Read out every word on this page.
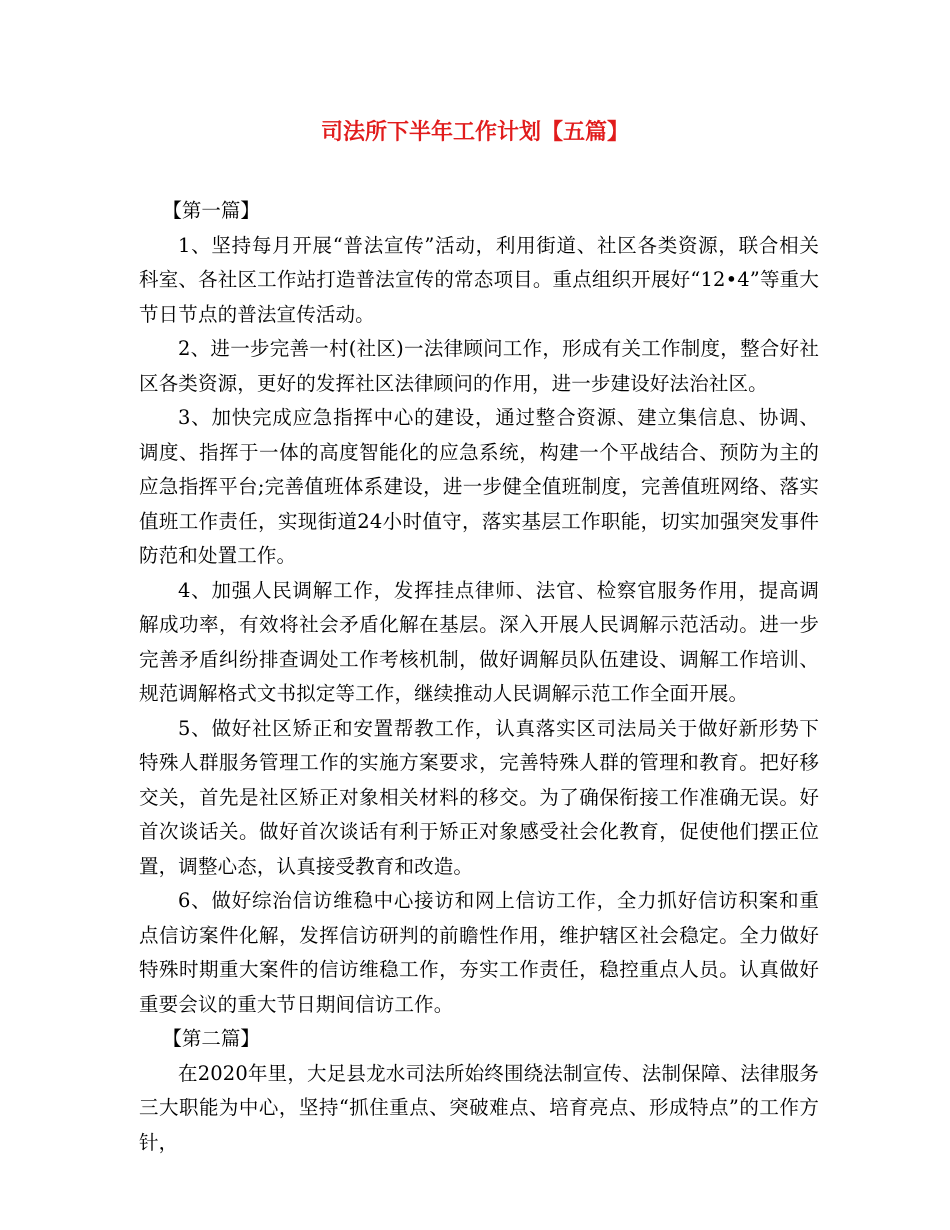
司法所下半年工作计划【五篇】

【第一篇】

1、坚持每月开展“普法宣传”活动，利用街道、社区各类资源，联合相关科室、各社区工作站打造普法宣传的常态项目。重点组织开展好“12•4”等重大节日节点的普法宣传活动。

2、进一步完善一村(社区)一法律顾问工作，形成有关工作制度，整合好社区各类资源，更好的发挥社区法律顾问的作用，进一步建设好法治社区。

3、加快完成应急指挥中心的建设，通过整合资源、建立集信息、协调、调度、指挥于一体的高度智能化的应急系统，构建一个平战结合、预防为主的应急指挥平台;完善值班体系建设，进一步健全值班制度，完善值班网络、落实值班工作责任，实现街道24小时值守，落实基层工作职能，切实加强突发事件防范和处置工作。

4、加强人民调解工作，发挥挂点律师、法官、检察官服务作用，提高调解成功率，有效将社会矛盾化解在基层。深入开展人民调解示范活动。进一步完善矛盾纠纷排查调处工作考核机制，做好调解员队伍建设、调解工作培训、规范调解格式文书拟定等工作，继续推动人民调解示范工作全面开展。

5、做好社区矫正和安置帮教工作，认真落实区司法局关于做好新形势下特殊人群服务管理工作的实施方案要求，完善特殊人群的管理和教育。把好移交关，首先是社区矫正对象相关材料的移交。为了确保衔接工作准确无误。好首次谈话关。做好首次谈话有利于矫正对象感受社会化教育，促使他们摆正位置，调整心态，认真接受教育和改造。

6、做好综治信访维稳中心接访和网上信访工作，全力抓好信访积案和重点信访案件化解，发挥信访研判的前瞻性作用，维护辖区社会稳定。全力做好特殊时期重大案件的信访维稳工作，夯实工作责任，稳控重点人员。认真做好重要会议的重大节日期间信访工作。

【第二篇】

在2020年里，大足县龙水司法所始终围绕法制宣传、法制保障、法律服务三大职能为中心，坚持“抓住重点、突破难点、培育亮点、形成特点”的工作方针，
